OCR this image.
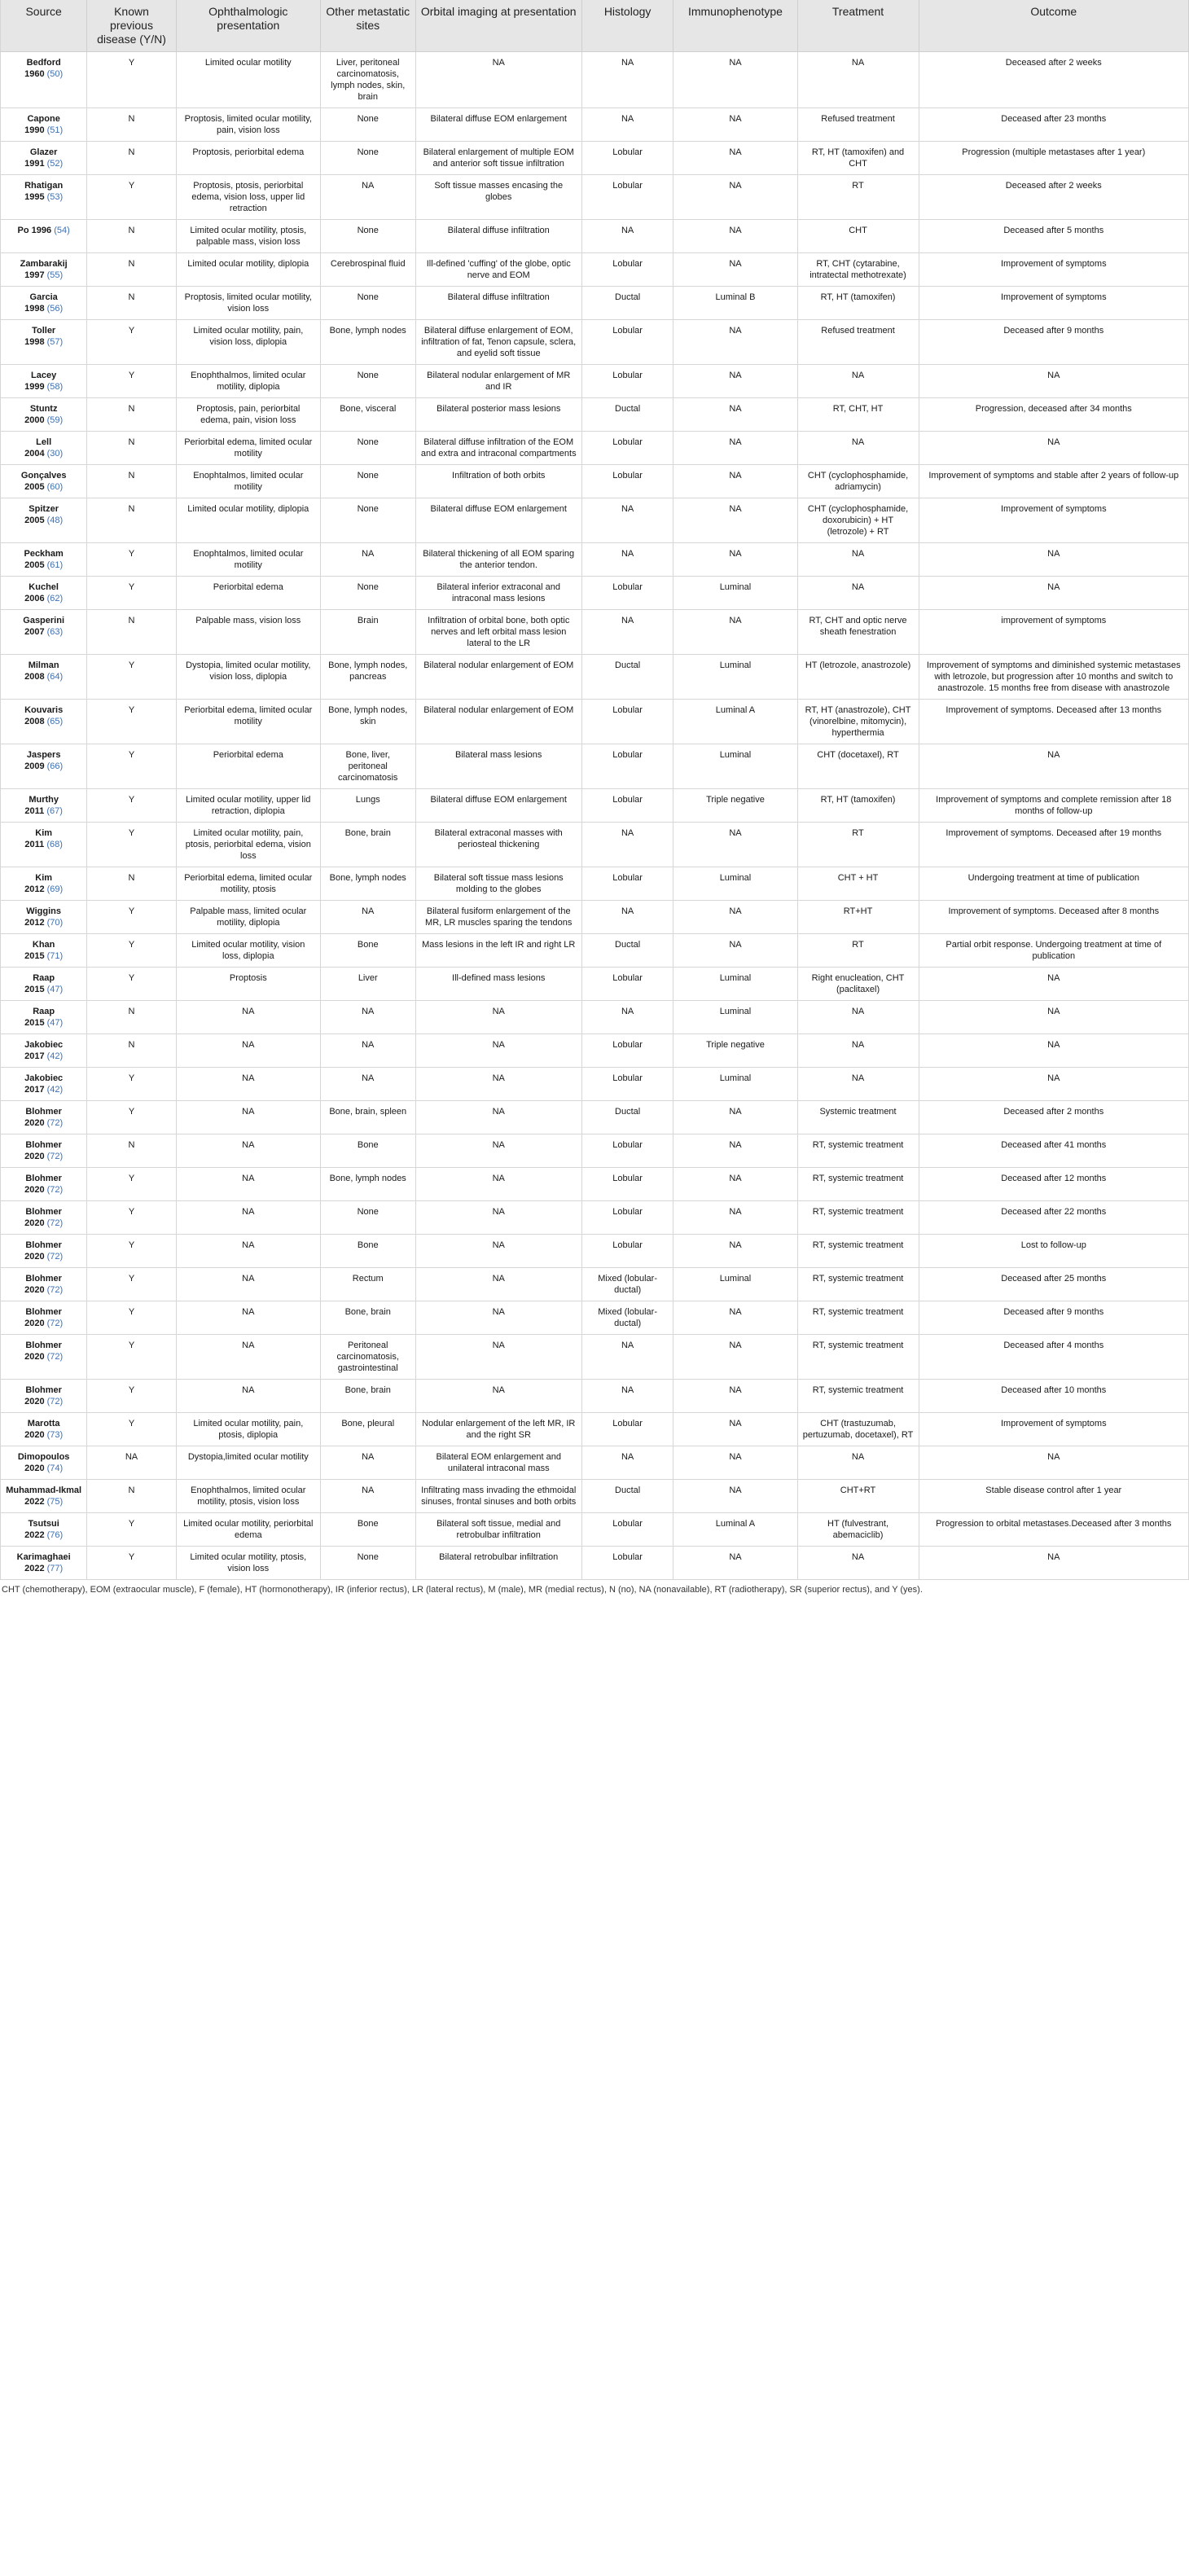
Source	Known previous disease (Y/N)	Ophthalmologic presentation	Other metastatic sites	Orbital imaging at presentation	Histology	Immunophenotype	Treatment	Outcome
Bedford
1960 (50)	Y	Limited ocular motility	Liver, peritoneal carcinomatosis, lymph nodes, skin, brain	NA	NA	NA	NA	Deceased after 2 weeks
Capone
1990 (51)	N	Proptosis, limited ocular motility, pain, vision loss	None	Bilateral diffuse EOM enlargement	NA	NA	Refused treatment	Deceased after 23 months
Glazer
1991 (52)	N	Proptosis, periorbital edema	None	Bilateral enlargement of multiple EOM and anterior soft tissue infiltration	Lobular	NA	RT, HT (tamoxifen) and CHT	Progression (multiple metastases after 1 year)
Rhatigan
1995 (53)	Y	Proptosis, ptosis, periorbital edema, vision loss, upper lid retraction	NA	Soft tissue masses encasing the globes	Lobular	NA	RT	Deceased after 2 weeks
Po 1996 (54)	N	Limited ocular motility, ptosis, palpable mass, vision loss	None	Bilateral diffuse infiltration	NA	NA	CHT	Deceased after 5 months
Zambarakij
1997 (55)	N	Limited ocular motility, diplopia	Cerebrospinal fluid	Ill-defined 'cuffing' of the globe, optic nerve and EOM	Lobular	NA	RT, CHT (cytarabine, intratectal methotrexate)	Improvement of symptoms
Garcia
1998 (56)	N	Proptosis, limited ocular motility, vision loss	None	Bilateral diffuse infiltration	Ductal	Luminal B	RT, HT (tamoxifen)	Improvement of symptoms
Toller
1998 (57)	Y	Limited ocular motility, pain, vision loss, diplopia	Bone, lymph nodes	Bilateral diffuse enlargement of EOM, infiltration of fat, Tenon capsule, sclera, and eyelid soft tissue	Lobular	NA	Refused treatment	Deceased after 9 months
Lacey
1999 (58)	Y	Enophthalmos, limited ocular motility, diplopia	None	Bilateral nodular enlargement of MR and IR	Lobular	NA	NA	NA
Stuntz
2000 (59)	N	Proptosis, pain, periorbital edema, pain, vision loss	Bone, visceral	Bilateral posterior mass lesions	Ductal	NA	RT, CHT, HT	Progression, deceased after 34 months
Lell
2004 (30)	N	Periorbital edema, limited ocular motility	None	Bilateral diffuse infiltration of the EOM and extra and intraconal compartments	Lobular	NA	NA	NA
Gonçalves
2005 (60)	N	Enophtalmos, limited ocular motility	None	Infiltration of both orbits	Lobular	NA	CHT (cyclophosphamide, adriamycin)	Improvement of symptoms and stable after 2 years of follow-up
Spitzer
2005 (48)	N	Limited ocular motility, diplopia	None	Bilateral diffuse EOM enlargement	NA	NA	CHT (cyclophosphamide, doxorubicin) + HT (letrozole) + RT	Improvement of symptoms
Peckham
2005 (61)	Y	Enophtalmos, limited ocular motility	NA	Bilateral thickening of all EOM sparing the anterior tendon.	NA	NA	NA	NA
Kuchel
2006 (62)	Y	Periorbital edema	None	Bilateral inferior extraconal and intraconal mass lesions	Lobular	Luminal	NA	NA
Gasperini
2007 (63)	N	Palpable mass, vision loss	Brain	Infiltration of orbital bone, both optic nerves and left orbital mass lesion lateral to the LR	NA	NA	RT, CHT and optic nerve sheath fenestration	improvement of symptoms
Milman
2008 (64)	Y	Dystopia, limited ocular motility, vision loss, diplopia	Bone, lymph nodes, pancreas	Bilateral nodular enlargement of EOM	Ductal	Luminal	HT (letrozole, anastrozole)	Improvement of symptoms and diminished systemic metastases with letrozole, but progression after 10 months and switch to anastrozole. 15 months free from disease with anastrozole
Kouvaris
2008 (65)	Y	Periorbital edema, limited ocular motility	Bone, lymph nodes, skin	Bilateral nodular enlargement of EOM	Lobular	Luminal A	RT, HT (anastrozole), CHT (vinorelbine, mitomycin), hyperthermia	Improvement of symptoms. Deceased after 13 months
Jaspers
2009 (66)	Y	Periorbital edema	Bone, liver, peritoneal carcinomatosis	Bilateral mass lesions	Lobular	Luminal	CHT (docetaxel), RT	NA
Murthy
2011 (67)	Y	Limited ocular motility, upper lid retraction, diplopia	Lungs	Bilateral diffuse EOM enlargement	Lobular	Triple negative	RT, HT (tamoxifen)	Improvement of symptoms and complete remission after 18 months of follow-up
Kim
2011 (68)	Y	Limited ocular motility, pain, ptosis, periorbital edema, vision loss	Bone, brain	Bilateral extraconal masses with periosteal thickening	NA	NA	RT	Improvement of symptoms. Deceased after 19 months
Kim
2012 (69)	N	Periorbital edema, limited ocular motility, ptosis	Bone, lymph nodes	Bilateral soft tissue mass lesions molding to the globes	Lobular	Luminal	CHT + HT	Undergoing treatment at time of publication
Wiggins
2012 (70)	Y	Palpable mass, limited ocular motility, diplopia	NA	Bilateral fusiform enlargement of the MR, LR muscles sparing the tendons	NA	NA	RT+HT	Improvement of symptoms. Deceased after 8 months
Khan
2015 (71)	Y	Limited ocular motility, vision loss, diplopia	Bone	Mass lesions in the left IR and right LR	Ductal	NA	RT	Partial orbit response. Undergoing treatment at time of publication
Raap
2015 (47)	Y	Proptosis	Liver	Ill-defined mass lesions	Lobular	Luminal	Right enucleation, CHT (paclitaxel)	NA
Raap
2015 (47)	N	NA	NA	NA	NA	Luminal	NA	NA
Jakobiec
2017 (42)	N	NA	NA	NA	Lobular	Triple negative	NA	NA
Jakobiec
2017 (42)	Y	NA	NA	NA	Lobular	Luminal	NA	NA
Blohmer
2020 (72)	Y	NA	Bone, brain, spleen	NA	Ductal	NA	Systemic treatment	Deceased after 2 months
Blohmer
2020 (72)	N	NA	Bone	NA	Lobular	NA	RT, systemic treatment	Deceased after 41 months
Blohmer
2020 (72)	Y	NA	Bone, lymph nodes	NA	Lobular	NA	RT, systemic treatment	Deceased after 12 months
Blohmer
2020 (72)	Y	NA	None	NA	Lobular	NA	RT, systemic treatment	Deceased after 22 months
Blohmer
2020 (72)	Y	NA	Bone	NA	Lobular	NA	RT, systemic treatment	Lost to follow-up
Blohmer
2020 (72)	Y	NA	Rectum	NA	Mixed (lobular-ductal)	Luminal	RT, systemic treatment	Deceased after 25 months
Blohmer
2020 (72)	Y	NA	Bone, brain	NA	Mixed (lobular-ductal)	NA	RT, systemic treatment	Deceased after 9 months
Blohmer
2020 (72)	Y	NA	Peritoneal carcinomatosis, gastrointestinal	NA	NA	NA	RT, systemic treatment	Deceased after 4 months
Blohmer
2020 (72)	Y	NA	Bone, brain	NA	NA	NA	RT, systemic treatment	Deceased after 10 months
Marotta
2020 (73)	Y	Limited ocular motility, pain, ptosis, diplopia	Bone, pleural	Nodular enlargement of the left MR, IR and the right SR	Lobular	NA	CHT (trastuzumab, pertuzumab, docetaxel), RT	Improvement of symptoms
Dimopoulos
2020 (74)	NA	Dystopia,limited ocular motility	NA	Bilateral EOM enlargement and unilateral intraconal mass	NA	NA	NA	NA
Muhammad-Ikmal
2022 (75)	N	Enophthalmos, limited ocular motility, ptosis, vision loss	NA	Infiltrating mass invading the ethmoidal sinuses, frontal sinuses and both orbits	Ductal	NA	CHT+RT	Stable disease control after 1 year
Tsutsui
2022 (76)	Y	Limited ocular motility, periorbital edema	Bone	Bilateral soft tissue, medial and retrobulbar infiltration	Lobular	Luminal A	HT (fulvestrant, abemaciclib)	Progression to orbital metastases.Deceased after 3 months
Karimaghaei
2022 (77)	Y	Limited ocular motility, ptosis, vision loss	None	Bilateral retrobulbar infiltration	Lobular	NA	NA	NA
CHT (chemotherapy), EOM (extraocular muscle), F (female), HT (hormonotherapy), IR (inferior rectus), LR (lateral rectus), M (male), MR (medial rectus), N (no), NA (nonavailable), RT (radiotherapy), SR (superior rectus), and Y (yes).
